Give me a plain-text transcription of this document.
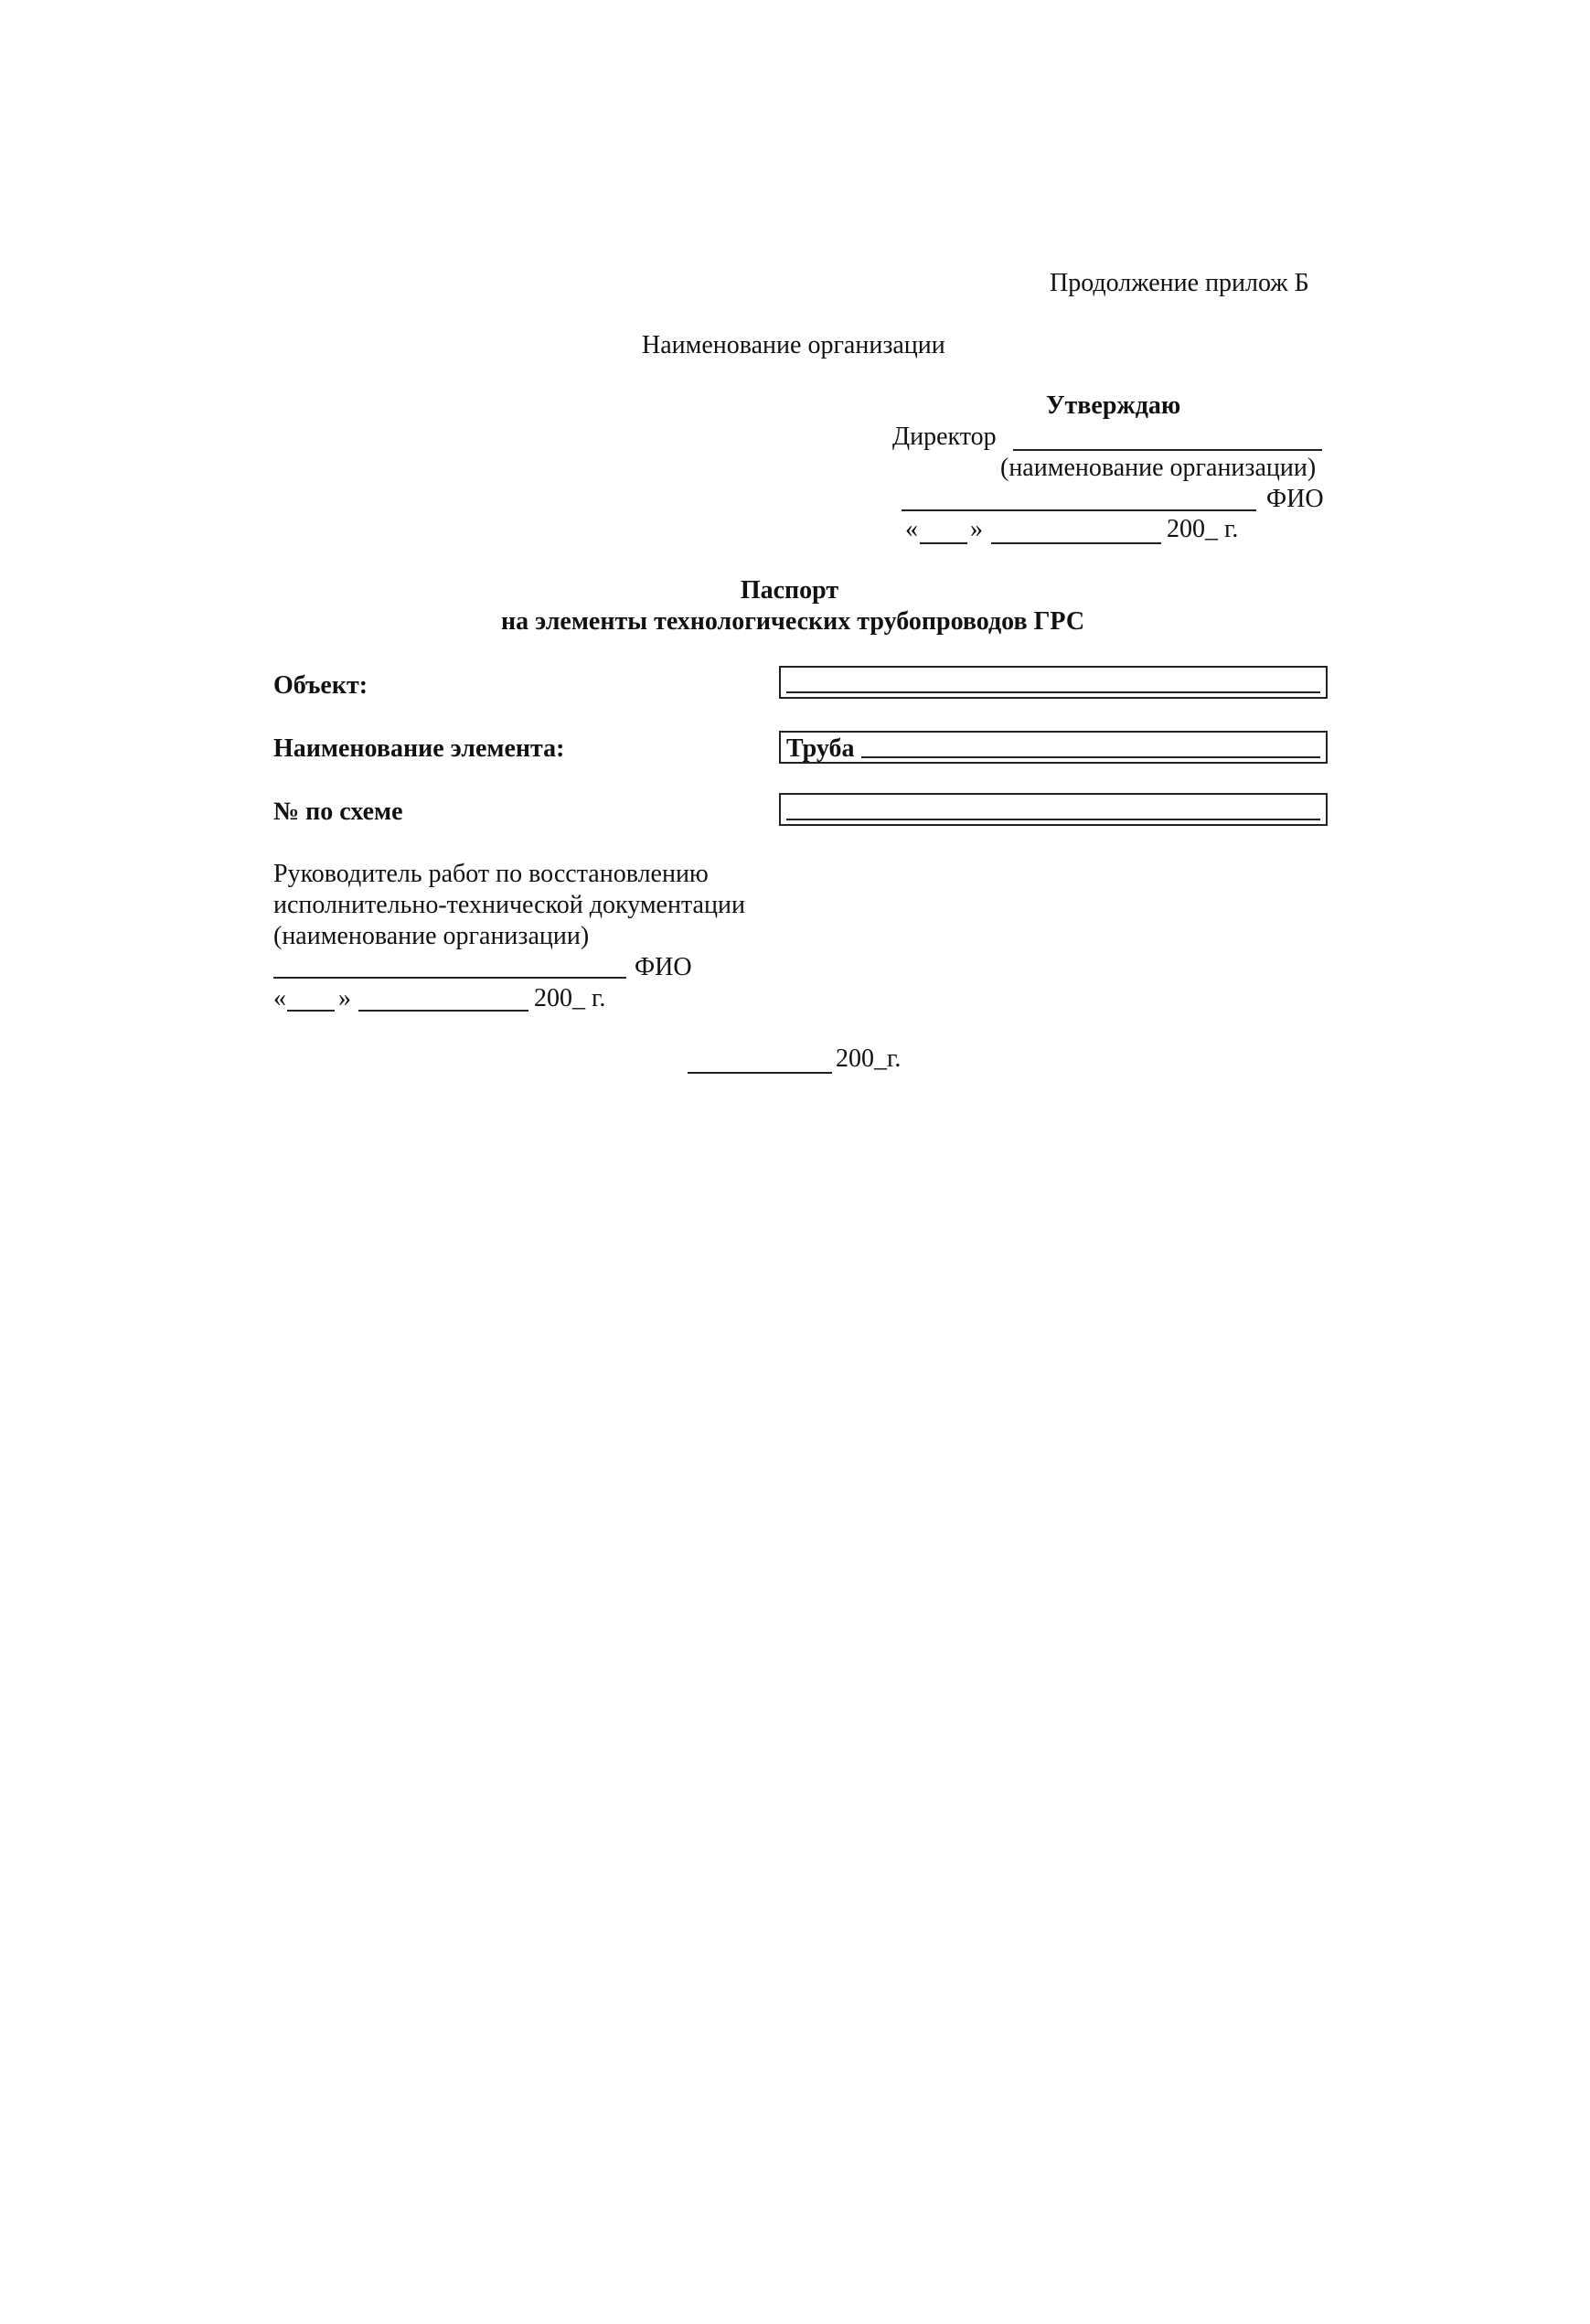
Продолжение прилож Б
Наименование организации
Утверждаю
Директор
(наименование организации)
ФИО
« »	200_ г.
Паспорт
на элементы технологических трубопроводов ГРС
Объект:
Наименование элемента:	Труба
№ по схеме
Руководитель работ по восстановлению
исполнительно-технической документации
(наименование организации)
ФИО
« »	200_ г.
200_г.
